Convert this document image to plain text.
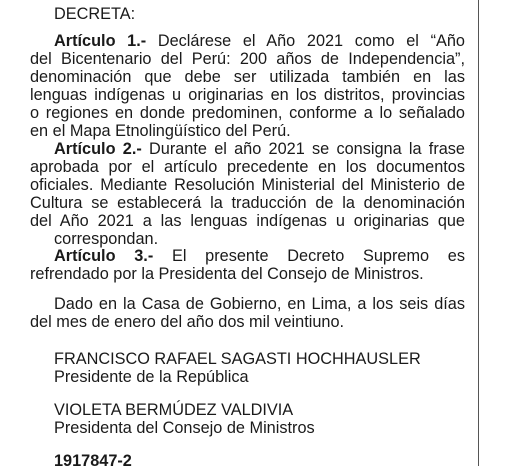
DECRETA:
Artículo 1.- Declárese el Año 2021 como el “Año
del Bicentenario del Perú: 200 años de Independencia”,
denominación que debe ser utilizada también en las
lenguas indígenas u originarias en los distritos, provincias
o regiones en donde predominen, conforme a lo señalado
en el Mapa Etnolingüístico del Perú.
Artículo 2.- Durante el año 2021 se consigna la frase
aprobada por el artículo precedente en los documentos
oficiales. Mediante Resolución Ministerial del Ministerio de
Cultura se establecerá la traducción de la denominación
del Año 2021 a las lenguas indígenas u originarias que
correspondan.
Artículo 3.- El presente Decreto Supremo es
refrendado por la Presidenta del Consejo de Ministros.
Dado en la Casa de Gobierno, en Lima, a los seis días
del mes de enero del año dos mil veintiuno.
FRANCISCO RAFAEL SAGASTI HOCHHAUSLER
Presidente de la República
VIOLETA BERMÚDEZ VALDIVIA
Presidenta del Consejo de Ministros
1917847-2
